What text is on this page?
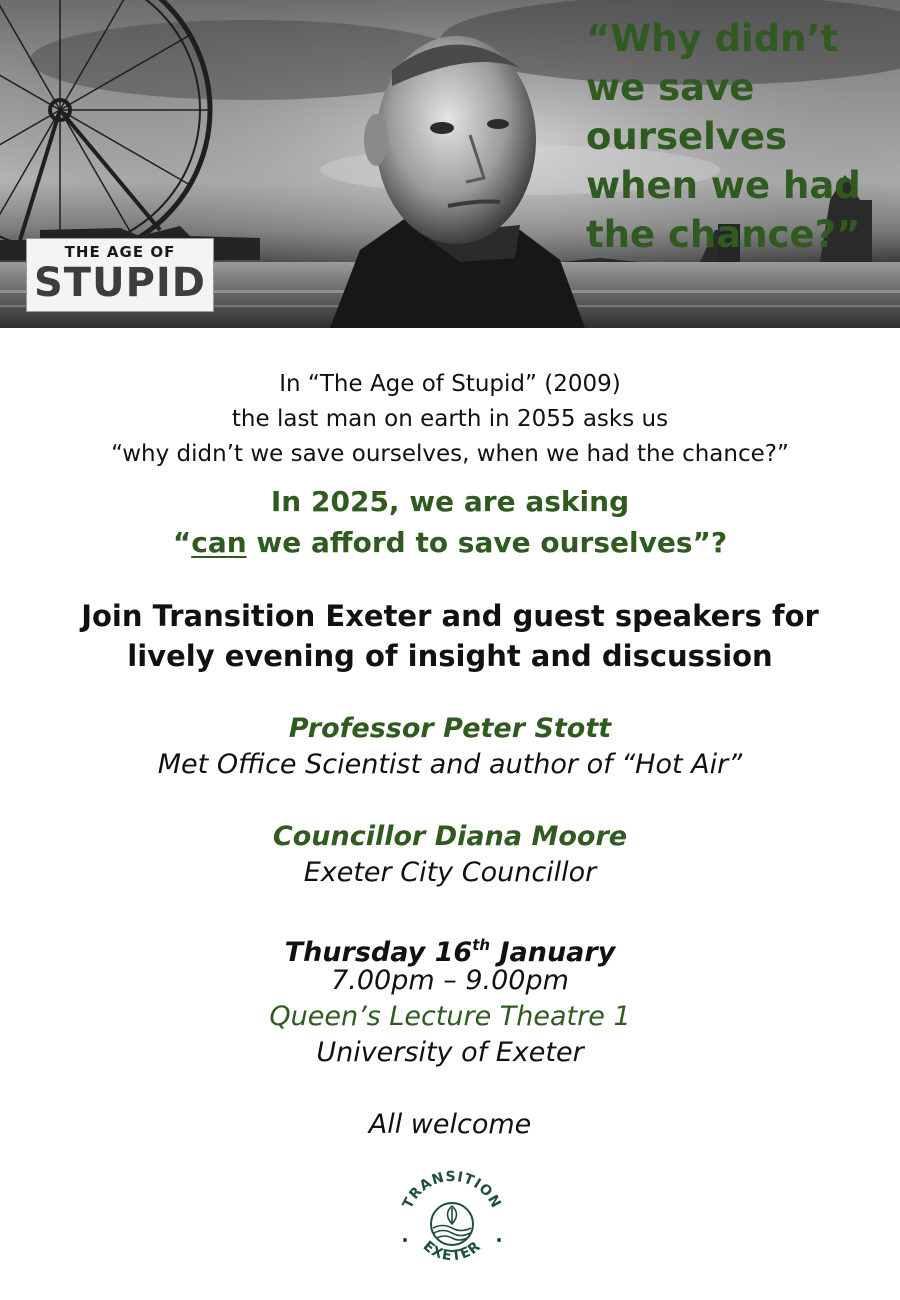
“Why didn’t we save ourselves when we had the chance?”
THE AGE OF
STUPID
In “The Age of Stupid” (2009)
the last man on earth in 2055 asks us
“why didn’t we save ourselves, when we had the chance?”
In 2025, we are asking
“can we afford to save ourselves”?
Join Transition Exeter and guest speakers for
lively evening of insight and discussion
Professor Peter Stott
Met Office Scientist and author of “Hot Air”
Councillor Diana Moore
Exeter City Councillor
Thursday 16th January
7.00pm – 9.00pm
Queen’s Lecture Theatre 1
University of Exeter
All welcome
TRANSITION
EXETER
